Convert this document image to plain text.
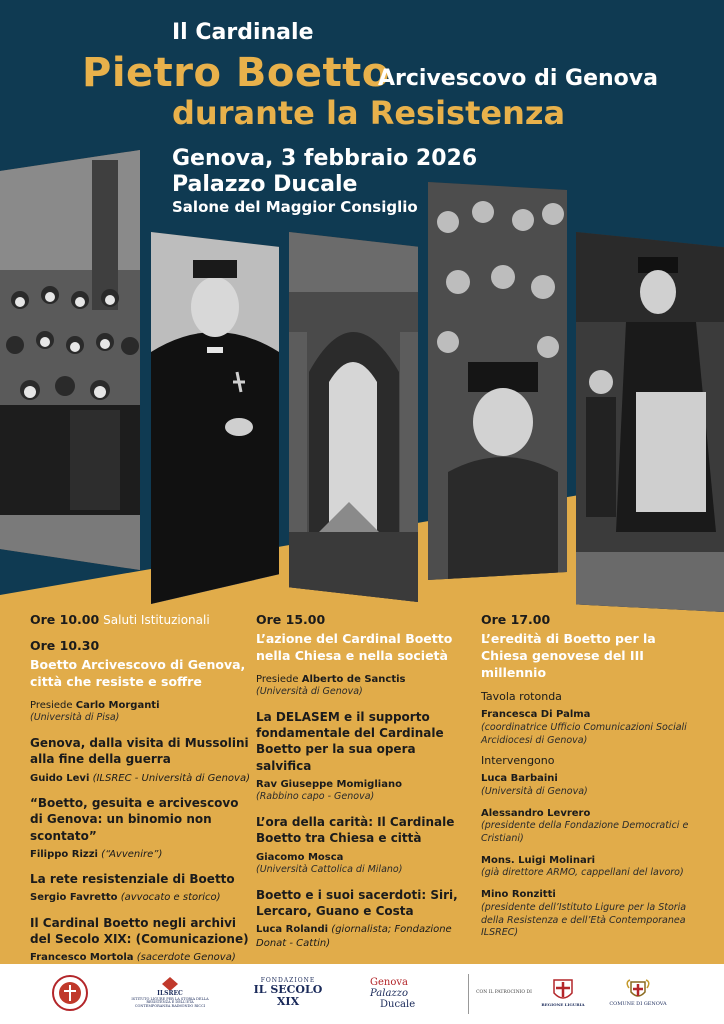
Il Cardinale
Pietro Boetto
Arcivescovo di Genova
durante la Resistenza
Genova, 3 febbraio 2026
Palazzo Ducale
Salone del Maggior Consiglio
Ore 10.00 Saluti Istituzionali
Ore 10.30
Boetto Arcivescovo di Genova, città che resiste e soffre
Presiede Carlo Morganti
(Università di Pisa)
Genova, dalla visita di Mussolini alla fine della guerra
Guido Levi (ILSREC - Università di Genova)
“Boetto, gesuita e arcivescovo di Genova: un binomio non scontato”
Filippo Rizzi (“Avvenire”)
La rete resistenziale di Boetto
Sergio Favretto (avvocato e storico)
Il Cardinal Boetto negli archivi del Secolo XIX: (Comunicazione)
Francesco Mortola (sacerdote Genova)
Ore 15.00
L’azione del Cardinal Boetto nella Chiesa e nella società
Presiede Alberto de Sanctis
(Università di Genova)
La DELASEM e il supporto fondamentale del Cardinale Boetto per la sua opera salvifica
Rav Giuseppe Momigliano
(Rabbino capo - Genova)
L’ora della carità: Il Cardinale Boetto tra Chiesa e città
Giacomo Mosca
(Università Cattolica di Milano)
Boetto e i suoi sacerdoti: Siri, Lercaro, Guano e Costa
Luca Rolandi (giornalista; Fondazione Donat - Cattin)
Ore 17.00
L’eredità di Boetto per la Chiesa genovese del III millennio
Tavola rotonda
Francesca Di Palma
(coordinatrice Ufficio Comunicazioni Sociali Arcidiocesi di Genova)
Intervengono
Luca Barbaini
(Università di Genova)
Alessandro Levrero
(presidente della Fondazione Democratici e Cristiani)
Mons. Luigi Molinari
(già direttore ARMO, cappellani del lavoro)
Mino Ronzitti
(presidente dell’Istituto Ligure per la Storia della Resistenza e dell’Età Contemporanea ILSREC)
ILSREC
ISTITUTO LIGURE PER LA STORIA DELLA RESISTENZA E DELL'ETÀ CONTEMPORANEA RAIMONDO RICCI
FONDAZIONE
IL SECOLO XIX
Genova
Palazzo
Ducale
CON IL PATROCINIO DI
REGIONE LIGURIA	COMUNE DI GENOVA
